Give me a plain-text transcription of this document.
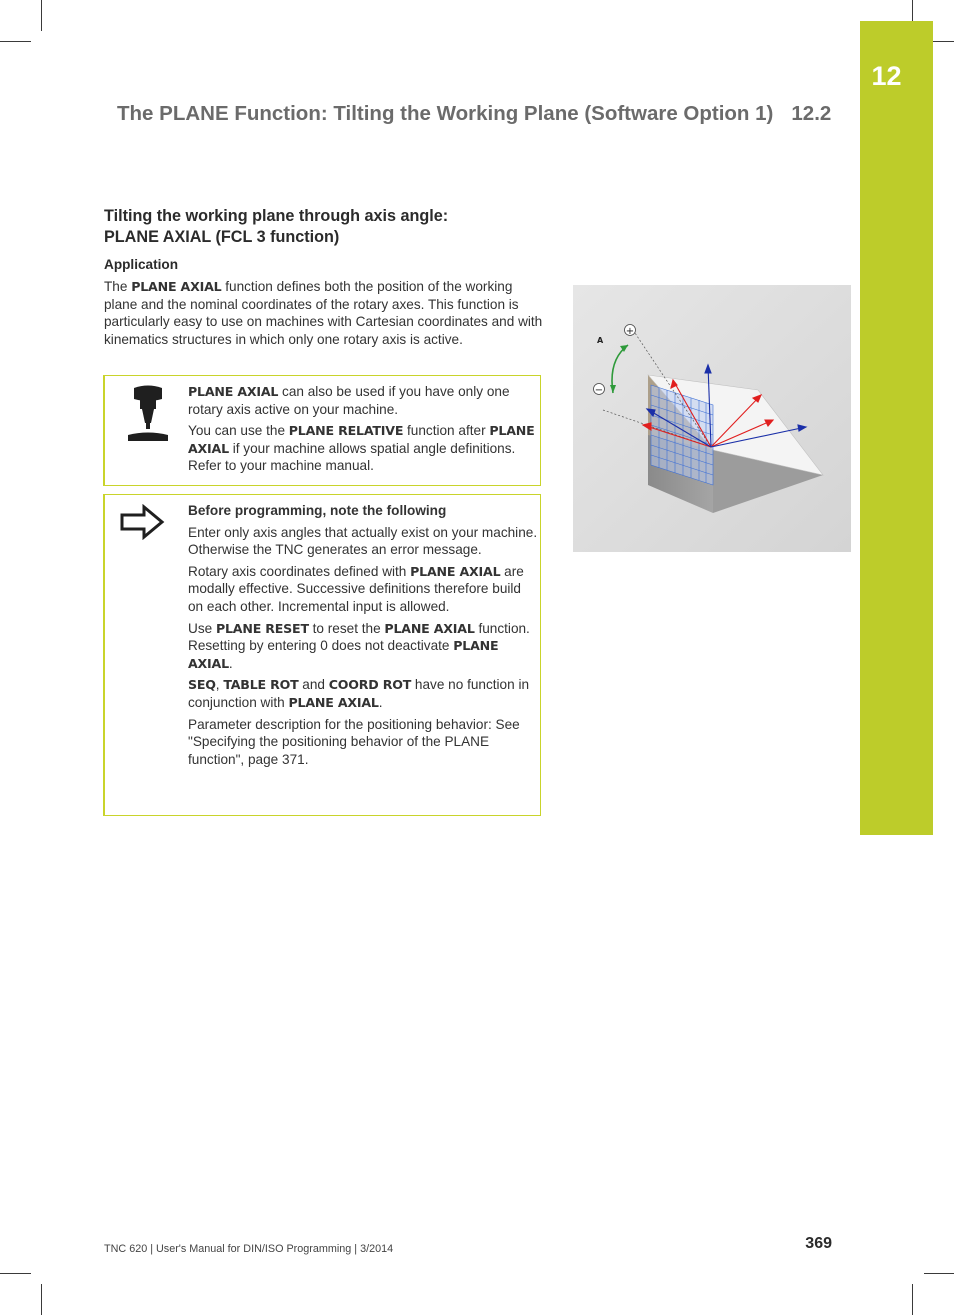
12
The PLANE Function: Tilting the Working Plane (Software Option 1) 12.2
Tilting the working plane through axis angle:
PLANE AXIAL (FCL 3 function)
Application

The PLANE AXIAL function defines both the position of the working plane and the nominal coordinates of the rotary axes. This function is particularly easy to use on machines with Cartesian coordinates and with kinematics structures in which only one rotary axis is active.

PLANE AXIAL can also be used if you have only one rotary axis active on your machine.

You can use the PLANE RELATIVE function after PLANE AXIAL if your machine allows spatial angle definitions. Refer to your machine manual.

Before programming, note the following

Enter only axis angles that actually exist on your machine. Otherwise the TNC generates an error message.

Rotary axis coordinates defined with PLANE AXIAL are modally effective. Successive definitions therefore build on each other. Incremental input is allowed.

Use PLANE RESET to reset the PLANE AXIAL function. Resetting by entering 0 does not deactivate PLANE AXIAL.

SEQ, TABLE ROT and COORD ROT have no function in conjunction with PLANE AXIAL.

Parameter description for the positioning behavior: See "Specifying the positioning behavior of the PLANE function", page 371.

+
−
A
TNC 620 | User's Manual for DIN/ISO Programming | 3/2014	369
